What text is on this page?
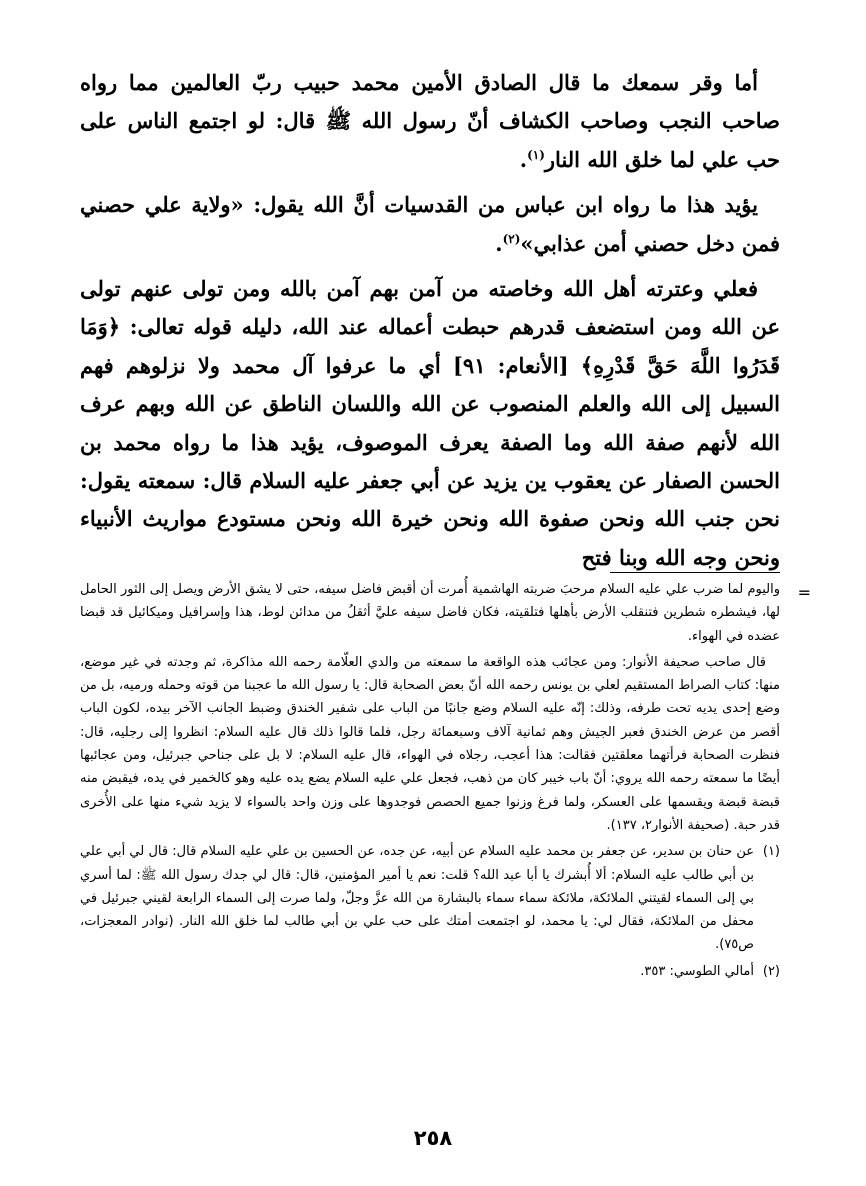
أما وقر سمعك ما قال الصادق الأمين محمد حبيب ربّ العالمين مما رواه صاحب النجب وصاحب الكشاف أنّ رسول الله ﷺ قال: لو اجتمع الناس على حب علي لما خلق الله النار$^{(١)}$.

يؤيد هذا ما رواه ابن عباس من القدسيات أنَّ الله يقول: «ولاية علي حصني فمن دخل حصني أمن عذابي»$^{(٢)}$.

فعلي وعترته أهل الله وخاصته من آمن بهم آمن بالله ومن تولى عنهم تولى عن الله ومن استضعف قدرهم حبطت أعماله عند الله، دليله قوله تعالى: ﴿وَمَا قَدَرُوا اللَّهَ حَقَّ قَدْرِهِ﴾ [الأنعام: ٩١] أي ما عرفوا آل محمد ولا نزلوهم فهم السبيل إلى الله والعلم المنصوب عن الله واللسان الناطق عن الله وبهم عرف الله لأنهم صفة الله وما الصفة يعرف الموصوف، يؤيد هذا ما رواه محمد بن الحسن الصفار عن يعقوب ين يزيد عن أبي جعفر عليه السلام قال: سمعته يقول: نحن جنب الله ونحن صفوة الله ونحن خيرة الله ونحن مستودع مواريث الأنبياء ونحن وجه الله وبنا فتح

=

واليوم لما ضرب علي عليه السلام مرحبَ ضربته الهاشمية أُمرت أن أقبض فاضل سيفه، حتى لا يشق الأرض ويصل إلى الثور الحامل لها، فيشطره شطرين فتنقلب الأرض بأهلها فتلقيته، فكان فاضل سيفه عليَّ أثقلُ من مدائن لوط، هذا وإسرافيل وميكائيل قد قبضا عضده في الهواء.

قال صاحب صحيفة الأنوار: ومن عجائب هذه الواقعة ما سمعته من والدي العلّامة رحمه الله مذاكرة، ثم وجدته في غير موضع، منها: كتاب الصراط المستقيم لعلي بن يونس رحمه الله أنّ بعض الصحابة قال: يا رسول الله ما عجبنا من قوته وحمله ورميه، بل من وضع إحدى يديه تحت طرفه، وذلك: إنّه عليه السلام وضع جانبًا من الباب على شفير الخندق وضبط الجانب الآخر بيده، لكون الباب أقصر من عرض الخندق فعبر الجيش وهم ثمانية آلاف وسبعمائة رجل، فلما قالوا ذلك قال عليه السلام: انظروا إلى رجليه، قال: فنظرت الصحابة فرأتهما معلقتين فقالت: هذا أعجب، رجلاه في الهواء، قال عليه السلام: لا بل على جناحي جبرئيل، ومن عجائبها أيضًا ما سمعته رحمه الله يروي: أنّ باب خيبر كان من ذهب، فجعل علي عليه السلام يضع يده عليه وهو كالخمير في يده، فيقبض منه قبضة قبضة ويقسمها على العسكر، ولما فرغ وزنوا جميع الحصص فوجدوها على وزن واحد بالسواء لا يزيد شيء منها على الأُخرى قدر حبة. (صحيفة الأنوار٢، ١٣٧).

(١)
عن حنان بن سدير، عن جعفر بن محمد عليه السلام عن أبيه، عن جده، عن الحسين بن علي عليه السلام قال: قال لي أبي علي بن أبي طالب عليه السلام: ألا أُبشرك يا أبا عبد الله؟ قلت: نعم يا أمير المؤمنين، قال: قال لي جدك رسول الله ﷺ: لما أسري بي إلى السماء لقيتني الملائكة، ملائكة سماء سماء بالبشارة من الله عزَّ وجلّ، ولما صرت إلى السماء الرابعة لقيني جبرئيل في محفل من الملائكة، فقال لي: يا محمد، لو اجتمعت أمتك على حب علي بن أبي طالب لما خلق الله النار. (نوادر المعجزات، ص٧٥).

(٢)
أمالي الطوسي: ٣٥٣.

٢٥٨
